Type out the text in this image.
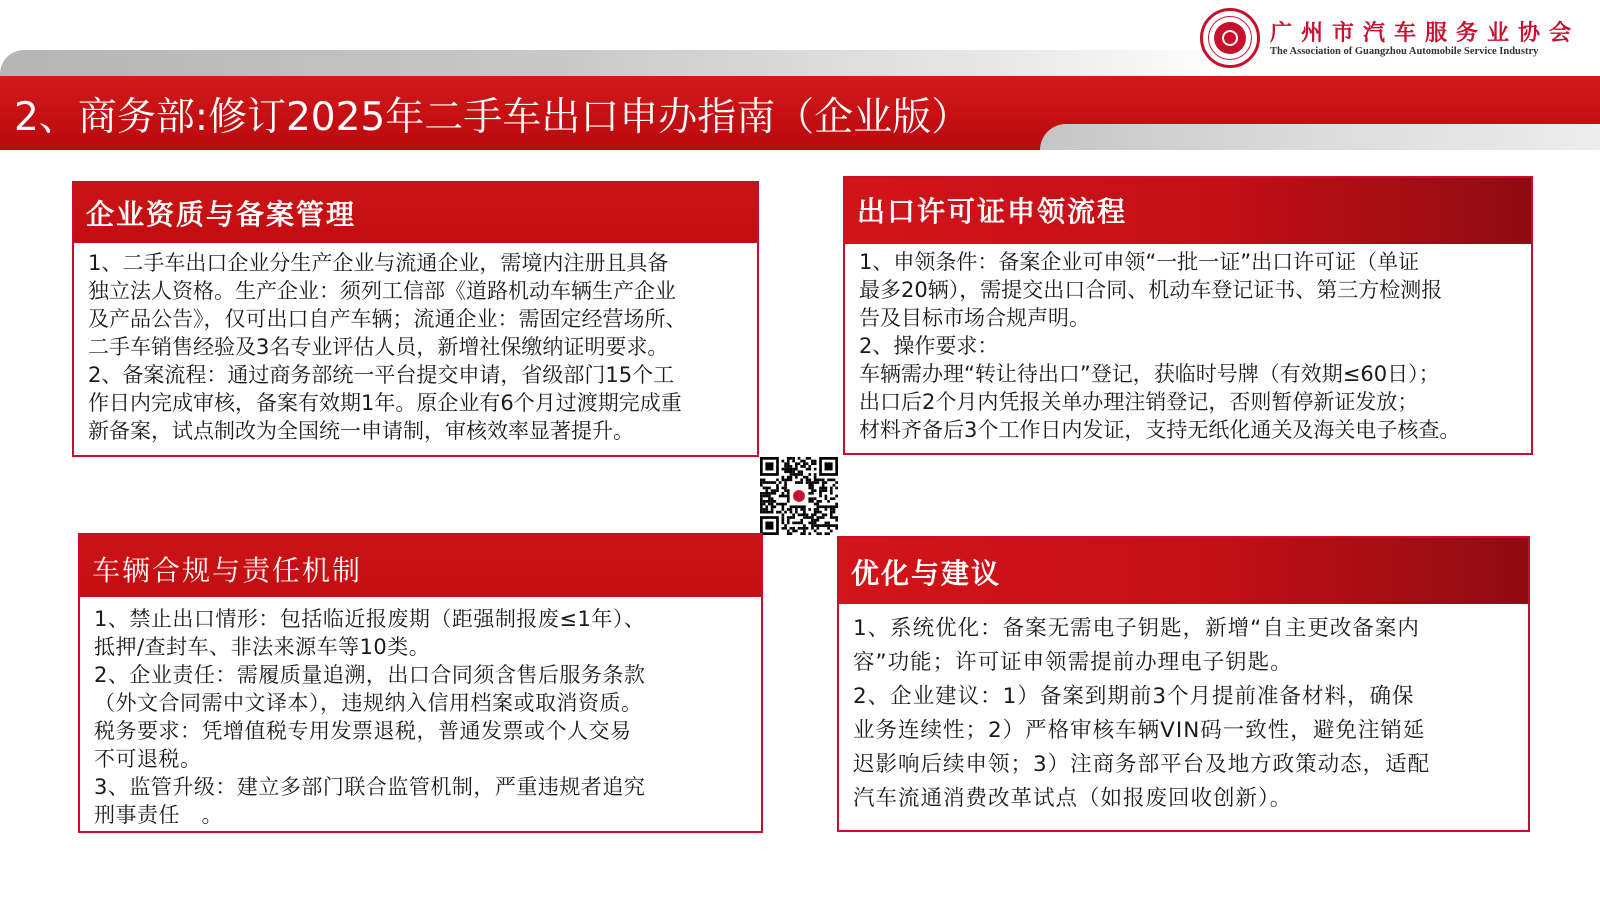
广州市汽车服务业协会
The Association of Guangzhou Automobile Service Industry
2、商务部:修订2025年二手车出口申办指南（企业版）
企业资质与备案管理

1、二手车出口企业分生产企业与流通企业，需境内注册且具备

独立法人资格。生产企业：须列工信部《道路机动车辆生产企业

及产品公告》，仅可出口自产车辆；流通企业：需固定经营场所、

二手车销售经验及3名专业评估人员，新增社保缴纳证明要求。

2、备案流程：通过商务部统一平台提交申请，省级部门15个工

作日内完成审核，备案有效期1年。原企业有6个月过渡期完成重

新备案，试点制改为全国统一申请制，审核效率显著提升。

出口许可证申领流程

1、申领条件：备案企业可申领“一批一证”出口许可证（单证

最多20辆），需提交出口合同、机动车登记证书、第三方检测报

告及目标市场合规声明。

2、操作要求：

车辆需办理“转让待出口”登记，获临时号牌（有效期≤60日）；

出口后2个月内凭报关单办理注销登记，否则暂停新证发放；

材料齐备后3个工作日内发证，支持无纸化通关及海关电子核查。

车辆合规与责任机制

1、禁止出口情形：包括临近报废期（距强制报废≤1年）、

抵押/查封车、非法来源车等10类。

2、企业责任：需履质量追溯，出口合同须含售后服务条款

（外文合同需中文译本），违规纳入信用档案或取消资质。

税务要求：凭增值税专用发票退税，普通发票或个人交易

不可退税。

3、监管升级：建立多部门联合监管机制，严重违规者追究

刑事责任　。

优化与建议

1、系统优化：备案无需电子钥匙，新增“自主更改备案内

容”功能；许可证申领需提前办理电子钥匙。

2、企业建议：1）备案到期前3个月提前准备材料，确保

业务连续性；2）严格审核车辆VIN码一致性，避免注销延

迟影响后续申领；3）注商务部平台及地方政策动态，适配

汽车流通消费改革试点（如报废回收创新）。
